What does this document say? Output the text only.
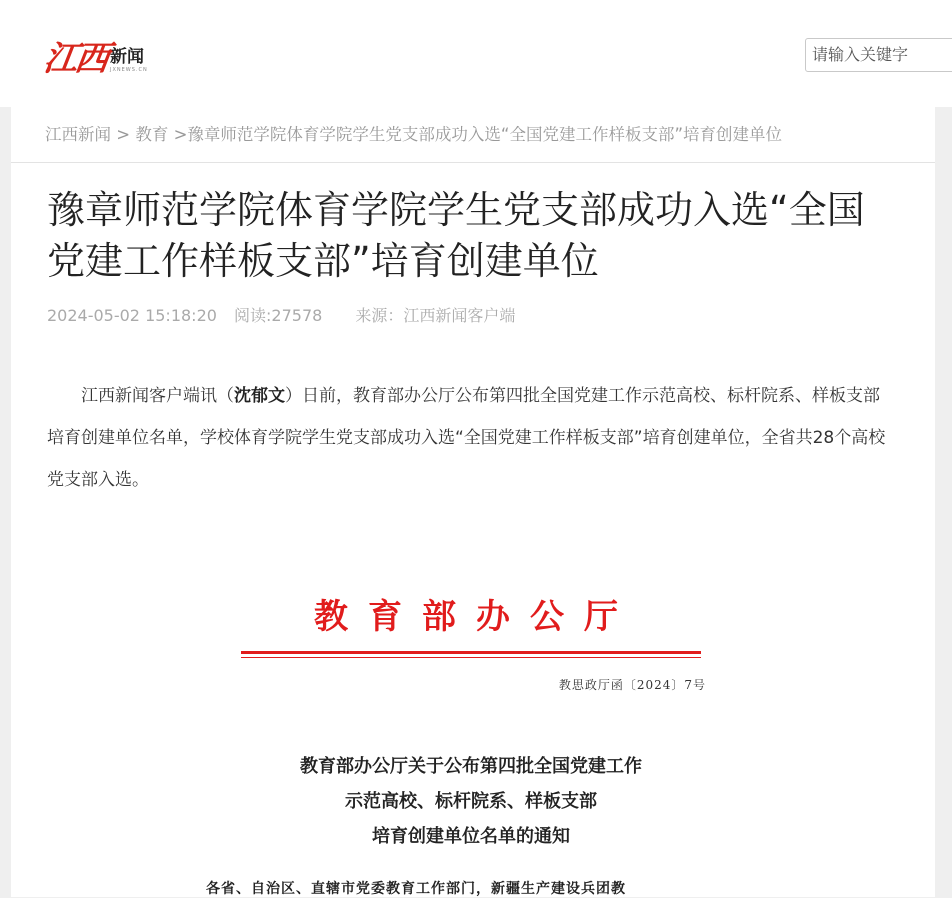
江西 新闻
JXNEWS.CN
请输入关键字
江西新闻 > 教育 >豫章师范学院体育学院学生党支部成功入选“全国党建工作样板支部”培育创建单位
豫章师范学院体育学院学生党支部成功入选“全国党建工作样板支部”培育创建单位
2024-05-02 15:18:20 阅读:27578 来源：江西新闻客户端

江西新闻客户端讯（沈郁文）日前，教育部办公厅公布第四批全国党建工作示范高校、标杆院系、样板支部培育创建单位名单，学校体育学院学生党支部成功入选“全国党建工作样板支部”培育创建单位，全省共28个高校党支部入选。

教育部办公厅
教思政厅函〔2024〕7号
教育部办公厅关于公布第四批全国党建工作
示范高校、标杆院系、样板支部
培育创建单位名单的通知
各省、自治区、直辖市党委教育工作部门，新疆生产建设兵团教
